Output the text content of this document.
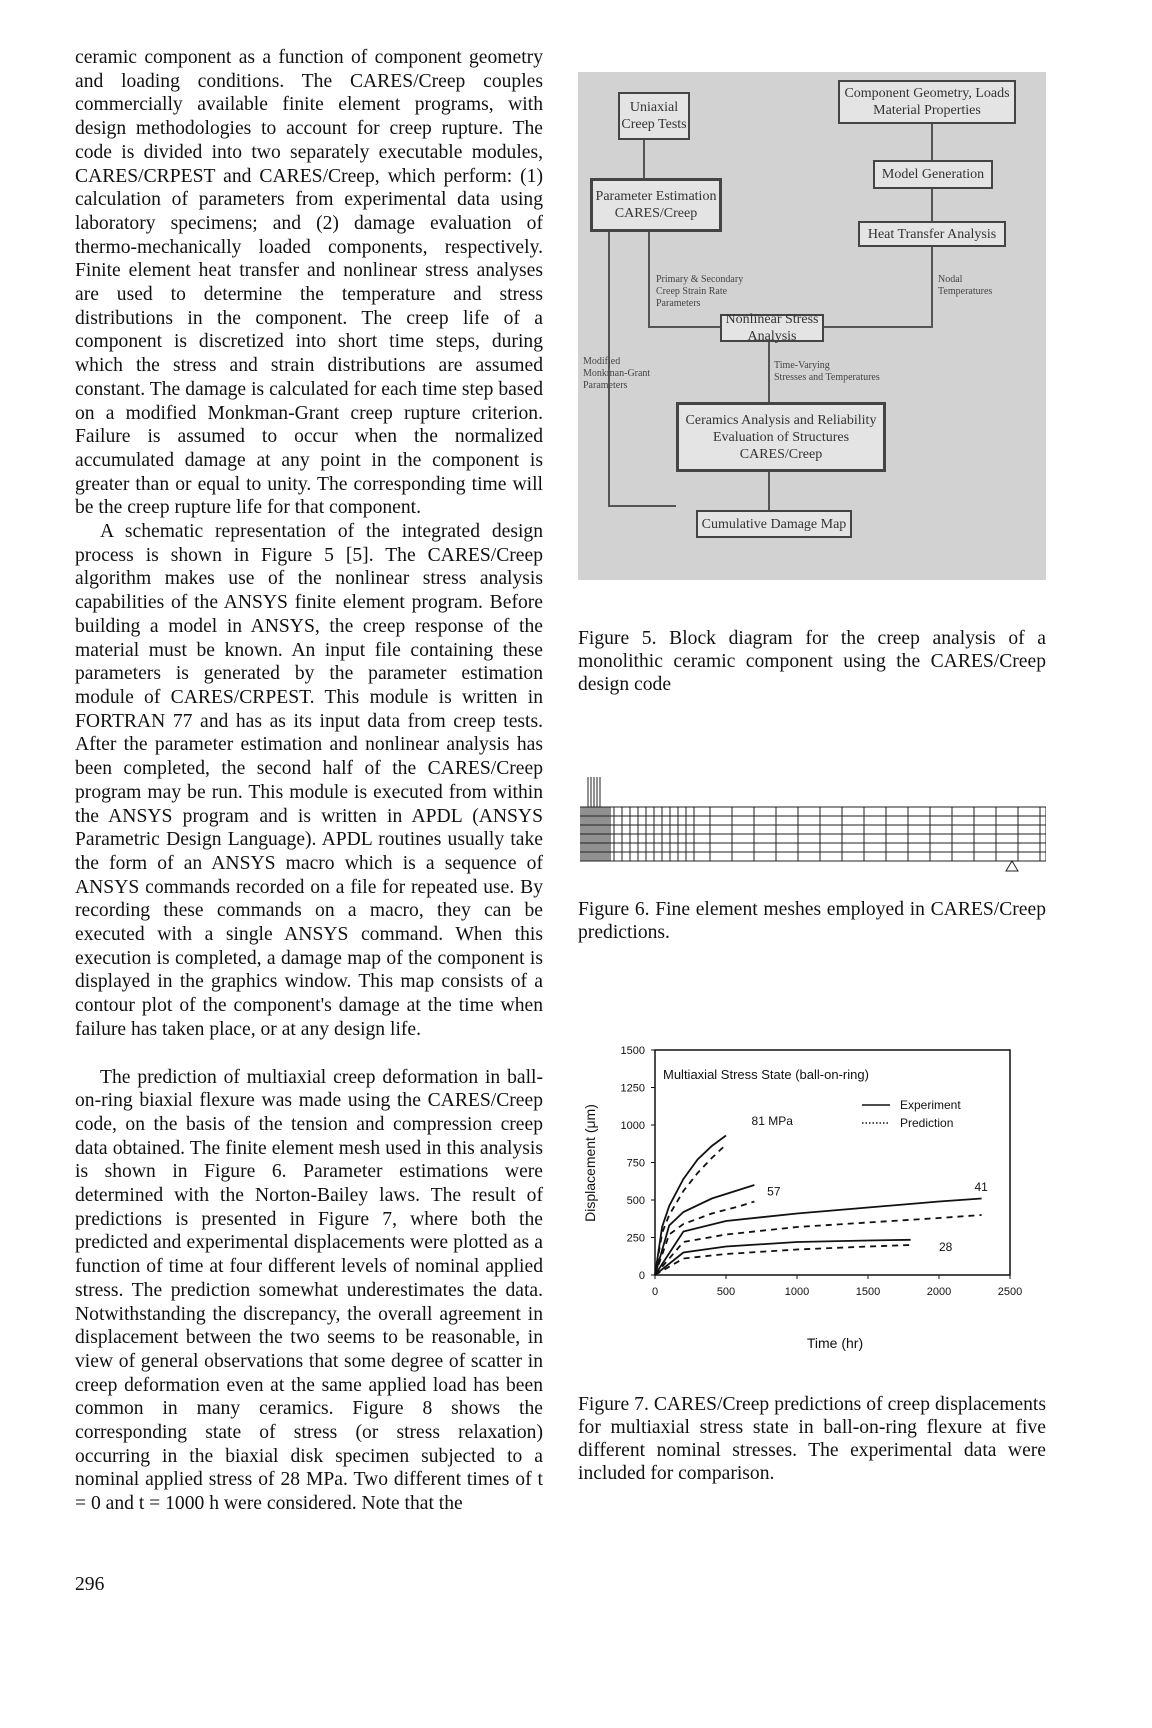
ceramic component as a function of component geometry and loading conditions. The CARES/Creep couples commercially available finite element programs, with design methodologies to account for creep rupture. The code is divided into two separately executable modules, CARES/CRPEST and CARES/Creep, which perform: (1) calculation of parameters from experimental data using laboratory specimens; and (2) damage evaluation of thermo-mechanically loaded components, respectively. Finite element heat transfer and nonlinear stress analyses are used to determine the temperature and stress distributions in the component. The creep life of a component is discretized into short time steps, during which the stress and strain distributions are assumed constant. The damage is calculated for each time step based on a modified Monkman-Grant creep rupture criterion. Failure is assumed to occur when the normalized accumulated damage at any point in the component is greater than or equal to unity. The corresponding time will be the creep rupture life for that component.

A schematic representation of the integrated design process is shown in Figure 5 [5]. The CARES/Creep algorithm makes use of the nonlinear stress analysis capabilities of the ANSYS finite element program. Before building a model in ANSYS, the creep response of the material must be known. An input file containing these parameters is generated by the parameter estimation module of CARES/CRPEST. This module is written in FORTRAN 77 and has as its input data from creep tests. After the parameter estimation and nonlinear analysis has been completed, the second half of the CARES/Creep program may be run. This module is executed from within the ANSYS program and is written in APDL (ANSYS Parametric Design Language). APDL routines usually take the form of an ANSYS macro which is a sequence of ANSYS commands recorded on a file for repeated use. By recording these commands on a macro, they can be executed with a single ANSYS command. When this execution is completed, a damage map of the component is displayed in the graphics window. This map consists of a contour plot of the component's damage at the time when failure has taken place, or at any design life.

The prediction of multiaxial creep deformation in ball-on-ring biaxial flexure was made using the CARES/Creep code, on the basis of the tension and compression creep data obtained. The finite element mesh used in this analysis is shown in Figure 6. Parameter estimations were determined with the Norton-Bailey laws. The result of predictions is presented in Figure 7, where both the predicted and experimental displacements were plotted as a function of time at four different levels of nominal applied stress. The prediction somewhat underestimates the data. Notwithstanding the discrepancy, the overall agreement in displacement between the two seems to be reasonable, in view of general observations that some degree of scatter in creep deformation even at the same applied load has been common in many ceramics. Figure 8 shows the corresponding state of stress (or stress relaxation) occurring in the biaxial disk specimen subjected to a nominal applied stress of 28 MPa. Two different times of t = 0 and t = 1000 h were considered. Note that the

296
Uniaxial
Creep Tests
Component Geometry, Loads
Material Properties
Parameter Estimation
CARES/Creep
Model Generation
Heat Transfer Analysis
Nonlinear Stress Analysis
Ceramics Analysis and Reliability
Evaluation of Structures
CARES/Creep
Cumulative Damage Map
Primary & Secondary
Creep Strain Rate
Parameters
Nodal
Temperatures
Modified
Monkman-Grant
Parameters
Time-Varying
Stresses and Temperatures
Figure 5. Block diagram for the creep analysis of a monolithic ceramic component using the CARES/Creep design code
Figure 6. Fine element meshes employed in CARES/Creep predictions.
0
250
500
750
1000
1250
1500
0	500	1000	1500	2000	2500
Multiaxial Stress State (ball-on-ring)
Experiment
Prediction
Time (hr)
Displacement (μm)	81 MPa
57	41
28
Figure 7. CARES/Creep predictions of creep displacements for multiaxial stress state in ball-on-ring flexure at five different nominal stresses. The experimental data were included for comparison.
